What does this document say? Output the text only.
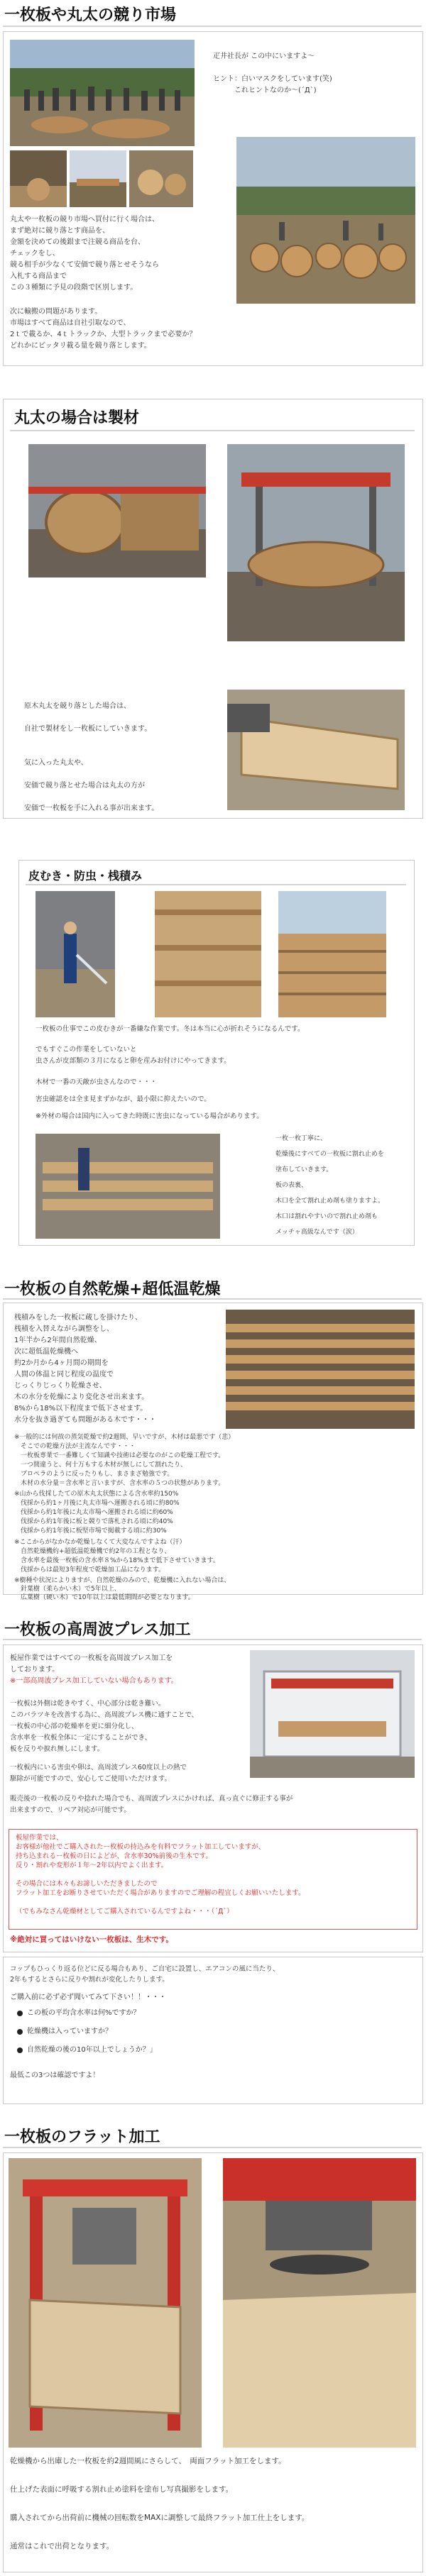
一枚板や丸太の競り市場
疋井社長が この中にいますよ～

ヒント：白いマスクをしています(笑)
　　　これヒントなのか～(´Д`)
丸太や一枚板の競り市場へ買付に行く場合は、
まず絶対に競り落とす商品を、
金額を決めての後銀まで注競る商品を台、
チェックをし、
競る相手が少なくて安価で競り落とせそうなら
入札する商品まで
この３種類に予見の段階で区別します。
次に輸搬の問題があります。
市場はすべて商品は自社引取なので、
2ｔで載るか、4ｔトラックか、大型トラックまで必要か？
どれかにピッタリ載る量を競り落とします。
丸太の場合は製材
原木丸太を競り落とした場合は、

自社で製材をし一枚板にしていきます。

気に入った丸太や、

安価で競り落とせた場合は丸太の方が

安価で一枚板を手に入れる事が出来ます。
皮むき・防虫・桟積み
一枚板の仕事でこの皮むきが一番嫌な作業です。冬は本当に心が折れそうになるんです。
でもすぐこの作業をしていないと
虫さんが皮部類の３月になると卵を産みお付けにやってきます。
木材で一番の天敵が虫さんなので・・・
害虫確認をは全ま見まずかなが、最小限に抑えたいので。
※外材の場合は国内に入ってきた時既に害虫になっている場合があります。
一枚一枚丁寧に、

乾燥後にすべての一枚板に割れ止めを

塗布していきます。

板の表裏、

木口を全て割れ止め剤も塗りますよ。

木口は割れやすいので割れ止め剤も

メッチャ高級なんです（涙）
一枚板の自然乾燥+超低温乾燥
桟積みをした一枚板に蔵しを掛けたり、
桟積を入替えながら調整をし、
1年半から2年間自然乾燥、
次に超低温乾燥機へ
約2か月から4ヶ月間の期間を
人間の体温と同じ程度の温度で
じっくりじっくり乾燥させ、
木の水分を乾燥により変化させ出来ます。
8%から18%以下程度まで低下させます。
水分を抜き過ぎても問題がある木です・・・
※一般的には何故の蒸気乾燥で約2週間、早いですが、木材は最悪です（悲）
　そこでの乾燥方法が主流なんです・・・
　一枚板専業で一番難しくて知識や技術は必要なのがこの乾燥工程です。
　一つ間違うと、何十万もする木材が無しにして割れたり、
　プロペラのように反ったりもし、まさまざ勉強です。
　木材の水分量＝含水率と言いますが、含水率の５つの状態があります。
※山から伐採したての原木丸太状態による含水率約150%
　伐採から約1ヶ月後に丸太市場へ運搬される頃に約80%
　伐採から約1年後に丸太市場へ運搬される頃に約60%
　伐採から約1年後に板と競りで落札される頃に約40%
　伐採から約1年後に板堅市場で掲載する頃に約30%
※ここからがなかなか乾燥しなくて大変なんですよね（汗）
　自然乾燥機約+超低温乾燥機で約2年の工程となり、
　含水率を最後一枚板の含水率８%から18%まで低下させていきます。
　伐採からは最短3年程度で乾燥加工品になります。
※樹種や状況によりますが、自然乾燥のみので、乾燥機に入れない場合は、
　針葉樹（柔らかい木）で5年以上、
　広葉樹（硬い木）で10年以上は最低期間が必要となります。
一枚板の高周波プレス加工
板屋作業ではすべての一枚板を高周波プレス加工を
しております。
※一部高周波プレス加工していない場合もあります。
一枚板は外側は乾きやすく、中心部分は乾き難い。
このバラツキを改善する為に、高周波プレス機に通すことで、
一枚板の中心部の乾燥率を更に細分化し、
含水率を一枚板全体に一定にすることができ、
板を反りや捩れ無しにします。
一枚板内にいる害虫や卵は、高周波プレス60度以上の熱で
駆除が可能ですので、安心してご使用いただけます。
販売後の一枚板の反りや捻れた場合でも、高周波プレスにかければ、真っ直ぐに修正する事が
出来ますので、リペア対応が可能です。
板屋作業では、
お客様が他社でご購入されたー枚板の持込みを有料でフラット加工していますが、
持ち込まれるー枚板の日によどが、含水率30%前後の生木です。
反り・割れや変形が１年～2年以内でよく出ます。

その場合には木々もお諦しいただきましたので
フラット加工をお断りさせていただく場合がありますのでご理解の程宜しくお願いいたします。

（でもみなさん乾燥材としてご購入されているんですよね・・・（´Д`）
※絶対に買ってはいけない一枚板は、生木です。
コップもひっくり返る位どに反る場合もあり、ご自宅に設置し、エアコンの風に当たり、
2年もするとさらに反りや割れが変化したりします。
ご購入前に必ず必ず聞いてみて下さい！！・・・
この板の平均含水率は何%ですか？
乾燥機は入っていますか？
自然乾燥の後の10年以上でしょうか？」
最低この3つは確認ですよ！
一枚板のフラット加工
乾燥機から出庫した一枚板を約2週間風にさらして、　両面フラット加工をします。
仕上げた表面に呼吸する割れ止め塗料を塗布し写真撮影をします。
購入されてから出荷前に機械の回転数をMAXに調整して最終フラット加工仕上をします。
通常はこれで出荷となります。
